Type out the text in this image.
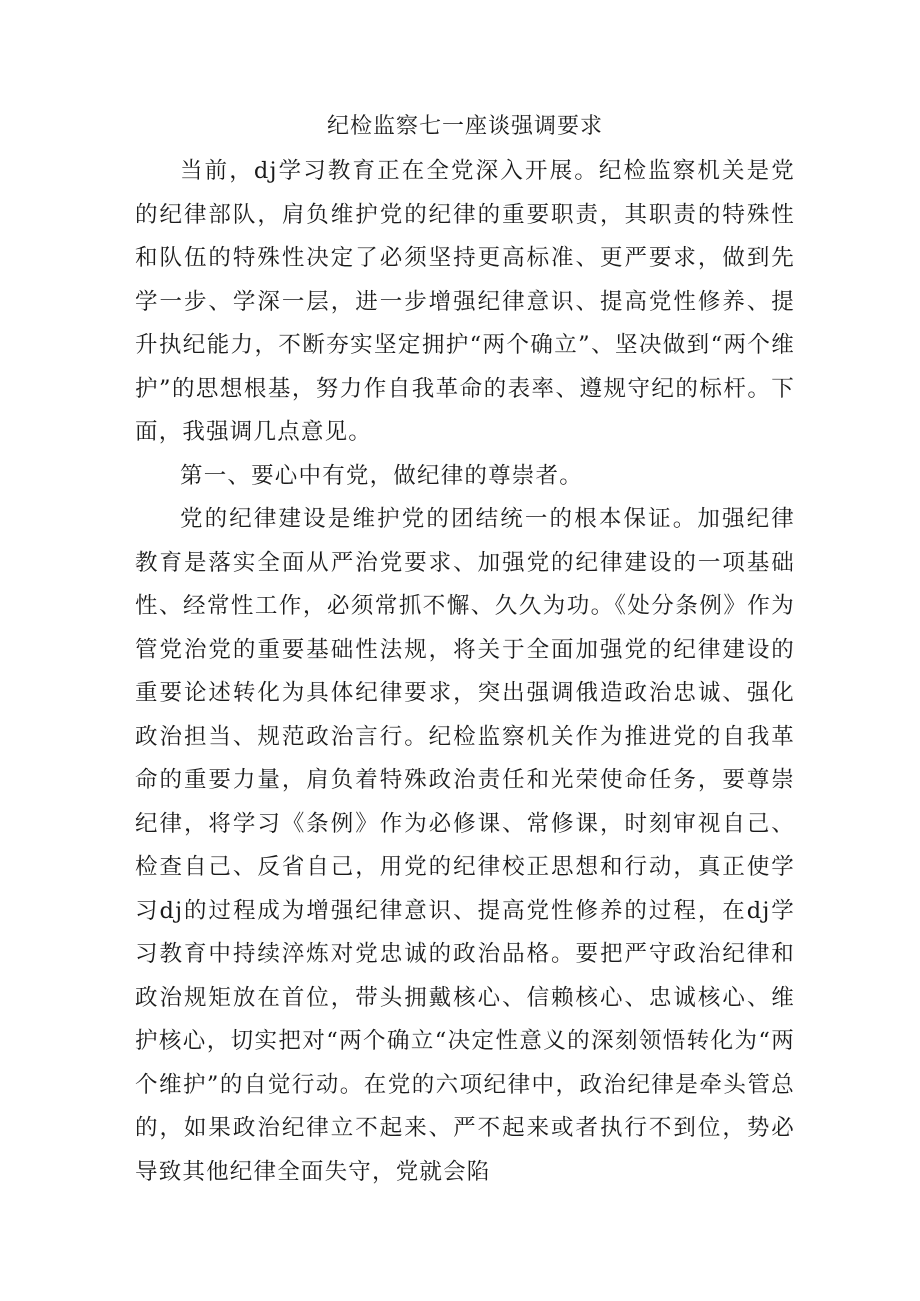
纪检监察七一座谈强调要求

当前，dj学习教育正在全党深入开展。纪检监察机关是党的纪律部队，肩负维护党的纪律的重要职责，其职责的特殊性和队伍的特殊性决定了必须坚持更高标准、更严要求，做到先学一步、学深一层，进一步增强纪律意识、提高党性修养、提升执纪能力，不断夯实坚定拥护“两个确立”、坚决做到“两个维护”的思想根基，努力作自我革命的表率、遵规守纪的标杆。下面，我强调几点意见。

第一、要心中有党，做纪律的尊崇者。

党的纪律建设是维护党的团结统一的根本保证。加强纪律教育是落实全面从严治党要求、加强党的纪律建设的一项基础性、经常性工作，必须常抓不懈、久久为功。《处分条例》作为管党治党的重要基础性法规，将关于全面加强党的纪律建设的重要论述转化为具体纪律要求，突出强调俄造政治忠诚、强化政治担当、规范政治言行。纪检监察机关作为推进党的自我革命的重要力量，肩负着特殊政治责任和光荣使命任务，要尊崇纪律，将学习《条例》作为必修课、常修课，时刻审视自己、检查自己、反省自己，用党的纪律校正思想和行动，真正使学习dj的过程成为增强纪律意识、提高党性修养的过程，在dj学习教育中持续淬炼对党忠诚的政治品格。要把严守政治纪律和政治规矩放在首位，带头拥戴核心、信赖核心、忠诚核心、维护核心，切实把对“两个确立“决定性意义的深刻领悟转化为“两个维护”的自觉行动。在党的六项纪律中，政治纪律是牵头管总的，如果政治纪律立不起来、严不起来或者执行不到位，势必导致其他纪律全面失守，党就会陷
